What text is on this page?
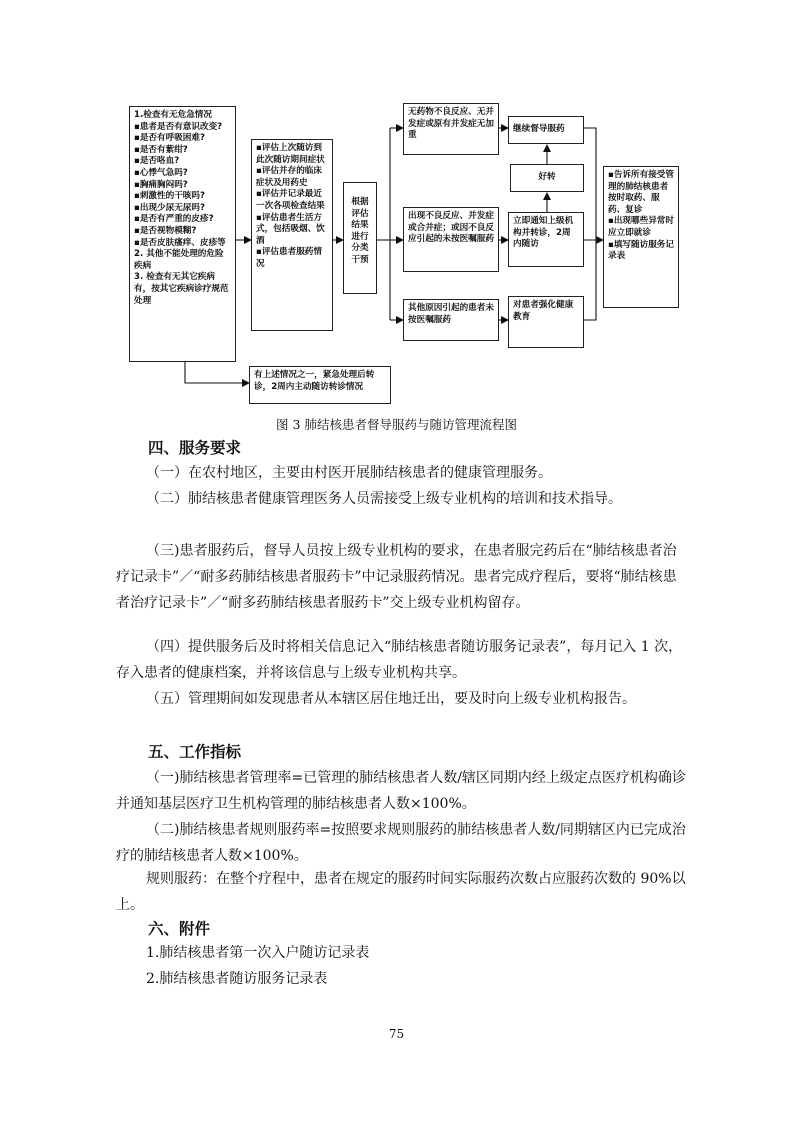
1.检查有无危急情况
▪患者是否有意识改变?
▪是否有呼吸困难?
▪是否有紫绀?
▪是否咯血?
▪心悸气急吗?
▪胸痛胸闷吗?
▪刺激性的干咳吗?
▪出现少尿无尿吗?
▪是否有严重的皮疹?
▪是否视物模糊?
▪是否皮肤瘙痒、皮疹等
2. 其他不能处理的危险疾病
3. 检查有无其它疾病有，按其它疾病诊疗规范处理
▪评估上次随访到此次随访期间症状
▪评估并存的临床症状及用药史
▪评估并记录最近一次各项检查结果
▪评估患者生活方式，包括吸烟、饮酒
▪评估患者服药情况
根据
评估
结果
进行
分类
干预
无药物不良反应、无并发症或原有并发症无加重
继续督导服药
好转
出现不良反应、并发症或合并症；或因不良反应引起的未按医嘱服药
立即通知上级机构并转诊，2周内随访
其他原因引起的患者未按医嘱服药
对患者强化健康教育
▪告诉所有接受管理的肺结核患者按时取药、服药、复诊
▪出现哪些异常时应立即就诊
▪填写随访服务记录表
有上述情况之一，紧急处理后转诊，2周内主动随访转诊情况
图 3 肺结核患者督导服药与随访管理流程图
四、服务要求
（一）在农村地区，主要由村医开展肺结核患者的健康管理服务。
（二）肺结核患者健康管理医务人员需接受上级专业机构的培训和技术指导。
（三)患者服药后，督导人员按上级专业机构的要求，在患者服完药后在“肺结核患者治疗记录卡”／“耐多药肺结核患者服药卡”中记录服药情况。患者完成疗程后，要将“肺结核患者治疗记录卡”／“耐多药肺结核患者服药卡”交上级专业机构留存。
（四）提供服务后及时将相关信息记入“肺结核患者随访服务记录表”，每月记入 1 次，存入患者的健康档案，并将该信息与上级专业机构共享。
（五）管理期间如发现患者从本辖区居住地迁出，要及时向上级专业机构报告。
五、工作指标
（一)肺结核患者管理率=已管理的肺结核患者人数/辖区同期内经上级定点医疗机构确诊并通知基层医疗卫生机构管理的肺结核患者人数×100%。
（二)肺结核患者规则服药率=按照要求规则服药的肺结核患者人数/同期辖区内已完成治疗的肺结核患者人数×100%。
规则服药：在整个疗程中，患者在规定的服药时间实际服药次数占应服药次数的 90%以上。
六、附件
1.肺结核患者第一次入户随访记录表
2.肺结核患者随访服务记录表
75
